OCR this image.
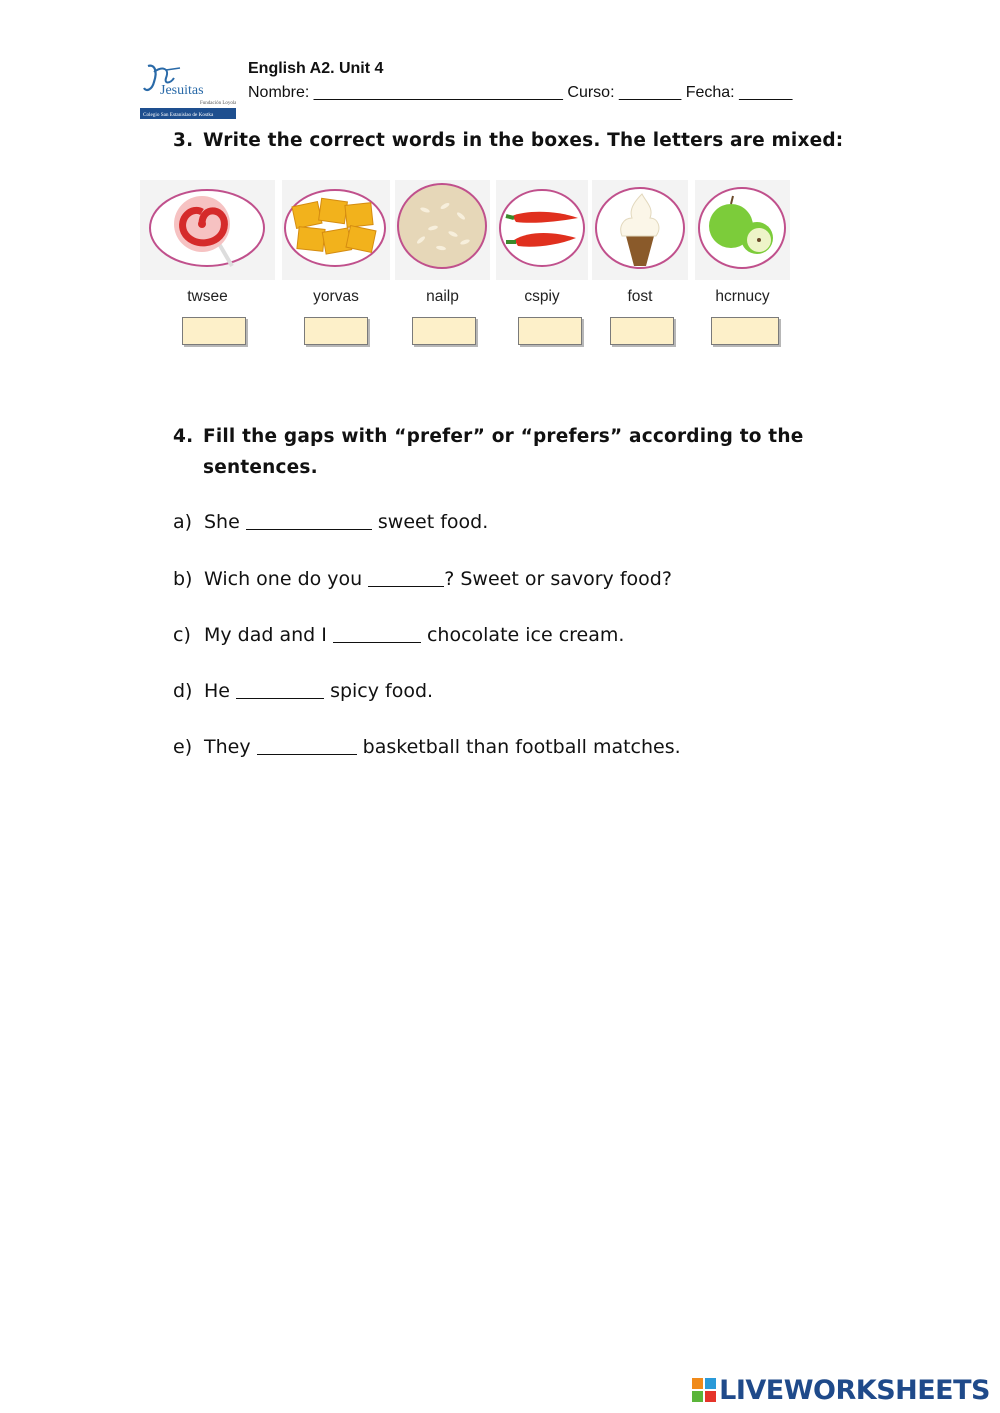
Jesuitas
Fundación Loyola
Colegio San Estanislao de Kostka
English A2. Unit 4
Nombre: ____________________________ Curso: _______ Fecha: ______
3. Write the correct words in the boxes. The letters are mixed:
twsee	yorvas	nailp	cspiy	fost	hcrnucy
4. Fill the gaps with “prefer” or “prefers” according to the
sentences.
a) She	sweet food.
b) Wich one do you	? Sweet or savory food?
c) My dad and I	chocolate ice cream.
d) He	spicy food.
e) They	basketball than football matches.
LIVEWORKSHEETS
